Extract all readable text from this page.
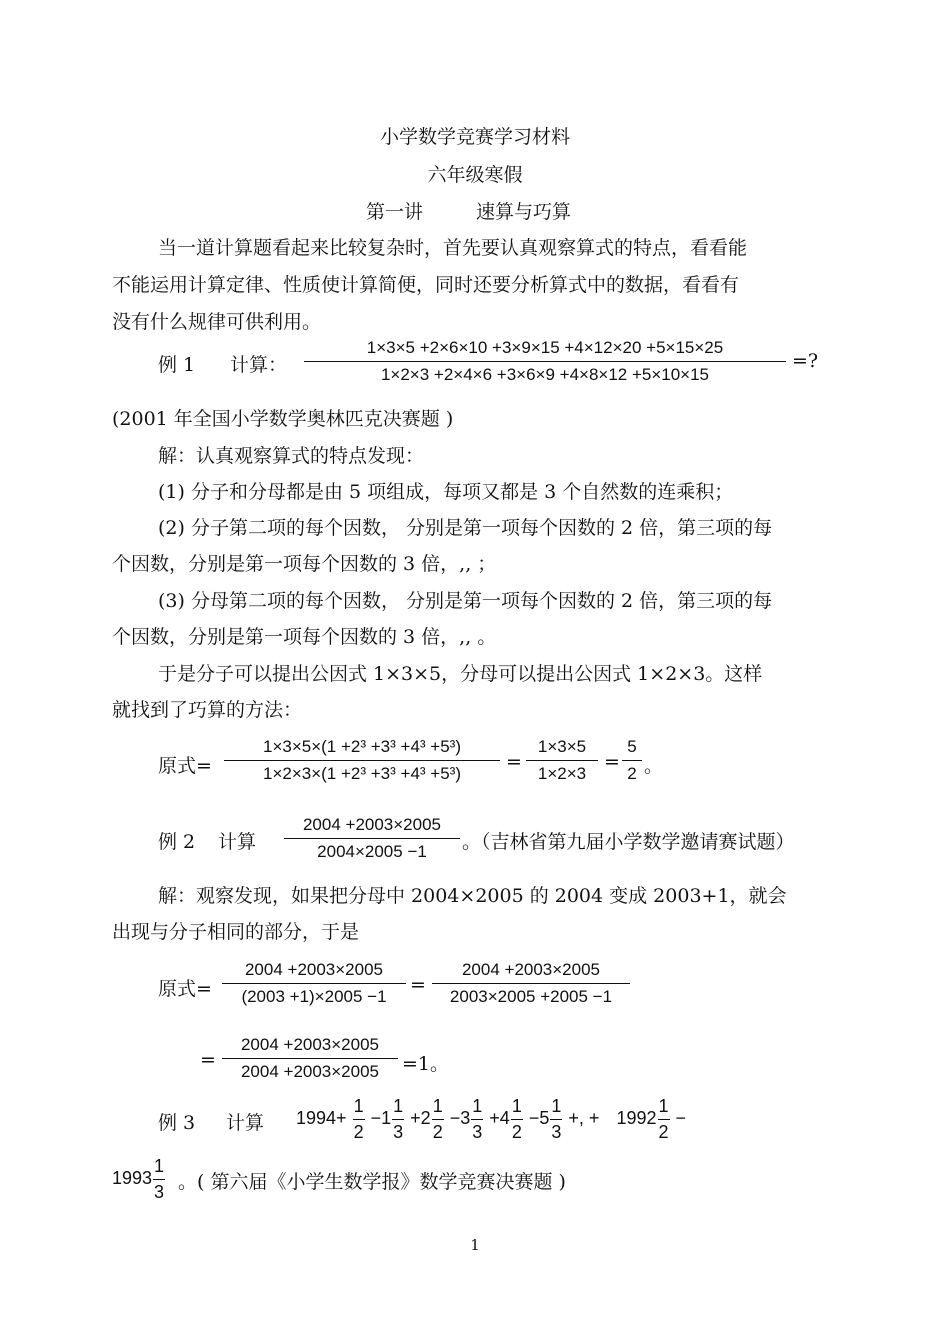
小学数学竞赛学习材料
六年级寒假
第一讲	速算与巧算
当一道计算题看起来比较复杂时，首先要认真观察算式的特点，看看能
不能运用计算定律、性质使计算简便，同时还要分析算式中的数据，看看有
没有什么规律可供利用。
例 1 计算：
1×3×5 +2×6×10 +3×9×15 +4×12×20 +5×15×25
1×2×3 +2×4×6 +3×6×9 +4×8×12 +5×10×15
=?
(2001 年全国小学数学奥林匹克决赛题 )
解：认真观察算式的特点发现：
(1) 分子和分母都是由 5 项组成，每项又都是 3 个自然数的连乘积；
(2) 分子第二项的每个因数， 分别是第一项每个因数的 2 倍，第三项的每
个因数，分别是第一项每个因数的 3 倍，,, ；
(3) 分母第二项的每个因数， 分别是第一项每个因数的 2 倍，第三项的每
个因数，分别是第一项每个因数的 3 倍，,, 。
于是分子可以提出公因式 1×3×5，分母可以提出公因式 1×2×3。这样
就找到了巧算的方法：
原式=
1×3×5×(1 +2³ +3³ +4³ +5³)
1×2×3×(1 +2³ +3³ +4³ +5³)
=
1×3×5
1×2×3
=
5
2 。
例 2 计算
2004 +2003×2005
2004×2005 −1	。（吉林省第九届小学数学邀请赛试题）
解：观察发现，如果把分母中 2004×2005 的 2004 变成 2003+1，就会
出现与分子相同的部分，于是
原式=
2004 +2003×2005
(2003 +1)×2005 −1
=
2004 +2003×2005
2003×2005 +2005 −1
=
2004 +2003×2005
2004 +2003×2005	=1。
例 3 计算 $1994+ \frac{1}{2} -1 \frac{1}{3} +2 \frac{1}{2} -3 \frac{1}{3} +4 \frac{1}{2} -5 \frac{1}{3}$ +, + $1992 \frac{1}{2}$ −
$1993 \frac{1}{3}$ 。( 第六届《小学生数学报》数学竞赛决赛题 )
1
